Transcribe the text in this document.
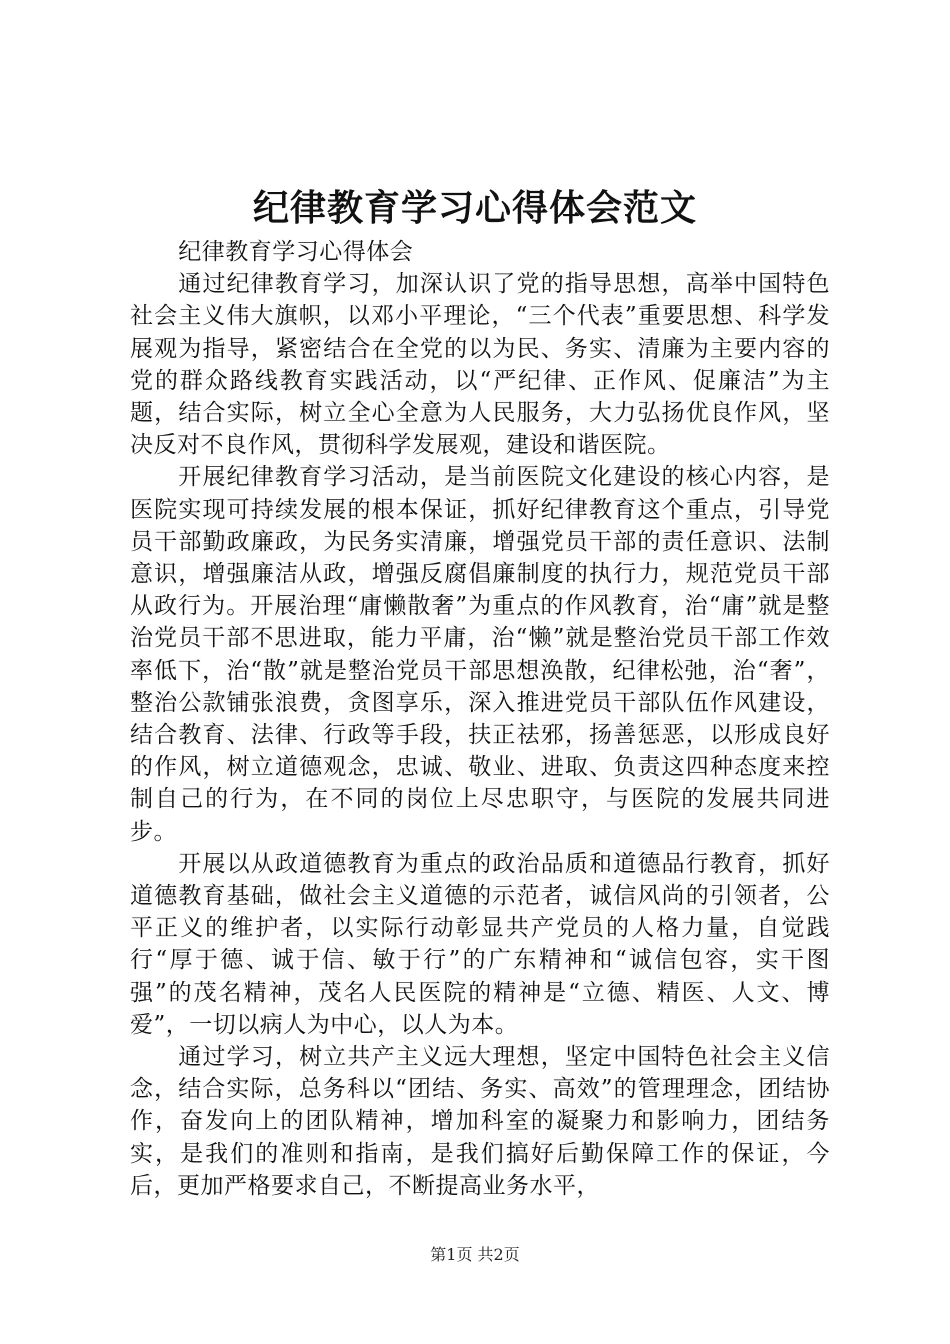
纪律教育学习心得体会范文

纪律教育学习心得体会

通过纪律教育学习，加深认识了党的指导思想，高举中国特色社会主义伟大旗帜，以邓小平理论，“三个代表”重要思想、科学发展观为指导，紧密结合在全党的以为民、务实、清廉为主要内容的党的群众路线教育实践活动，以“严纪律、正作风、促廉洁”为主题，结合实际，树立全心全意为人民服务，大力弘扬优良作风，坚决反对不良作风，贯彻科学发展观，建设和谐医院。

开展纪律教育学习活动，是当前医院文化建设的核心内容，是医院实现可持续发展的根本保证，抓好纪律教育这个重点，引导党员干部勤政廉政，为民务实清廉，增强党员干部的责任意识、法制意识，增强廉洁从政，增强反腐倡廉制度的执行力，规范党员干部从政行为。开展治理“庸懒散奢”为重点的作风教育，治“庸”就是整治党员干部不思进取，能力平庸，治“懒”就是整治党员干部工作效率低下，治“散”就是整治党员干部思想涣散，纪律松弛，治“奢”，整治公款铺张浪费，贪图享乐，深入推进党员干部队伍作风建设，结合教育、法律、行政等手段，扶正祛邪，扬善惩恶，以形成良好的作风，树立道德观念，忠诚、敬业、进取、负责这四种态度来控制自己的行为，在不同的岗位上尽忠职守，与医院的发展共同进步。

开展以从政道德教育为重点的政治品质和道德品行教育，抓好道德教育基础，做社会主义道德的示范者，诚信风尚的引领者，公平正义的维护者，以实际行动彰显共产党员的人格力量，自觉践行“厚于德、诚于信、敏于行”的广东精神和“诚信包容，实干图强”的茂名精神，茂名人民医院的精神是“立德、精医、人文、博爱”，一切以病人为中心，以人为本。

通过学习，树立共产主义远大理想，坚定中国特色社会主义信念，结合实际，总务科以“团结、务实、高效”的管理理念，团结协作，奋发向上的团队精神，增加科室的凝聚力和影响力，团结务实，是我们的准则和指南，是我们搞好后勤保障工作的保证，今后，更加严格要求自己，不断提高业务水平，

第1页 共2页
